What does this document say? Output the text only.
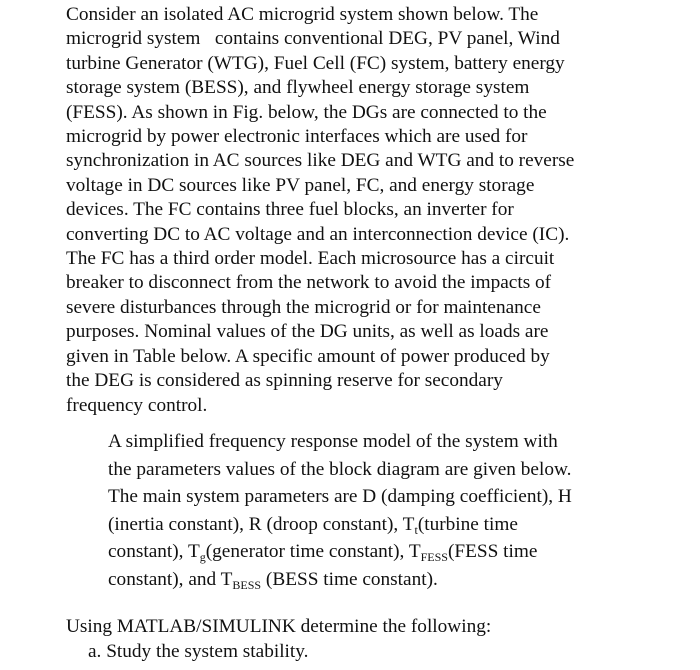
Consider an isolated AC microgrid system shown below. The
microgrid system   contains conventional DEG, PV panel, Wind
turbine Generator (WTG), Fuel Cell (FC) system, battery energy
storage system (BESS), and flywheel energy storage system
(FESS). As shown in Fig. below, the DGs are connected to the
microgrid by power electronic interfaces which are used for
synchronization in AC sources like DEG and WTG and to reverse
voltage in DC sources like PV panel, FC, and energy storage
devices. The FC contains three fuel blocks, an inverter for
converting DC to AC voltage and an interconnection device (IC).
The FC has a third order model. Each microsource has a circuit
breaker to disconnect from the network to avoid the impacts of
severe disturbances through the microgrid or for maintenance
purposes. Nominal values of the DG units, as well as loads are
given in Table below. A specific amount of power produced by
the DEG is considered as spinning reserve for secondary
frequency control.
A simplified frequency response model of the system with
the parameters values of the block diagram are given below.
The main system parameters are D (damping coefficient), H
(inertia constant), R (droop constant), $T_t(turbine$ time
constant), $T_g(generator$ time constant), $T_{FESS}(FESS$ time
constant), and $T_{BESS}$ (BESS time constant).
Using MATLAB/SIMULINK determine the following:
a. Study the system stability.
